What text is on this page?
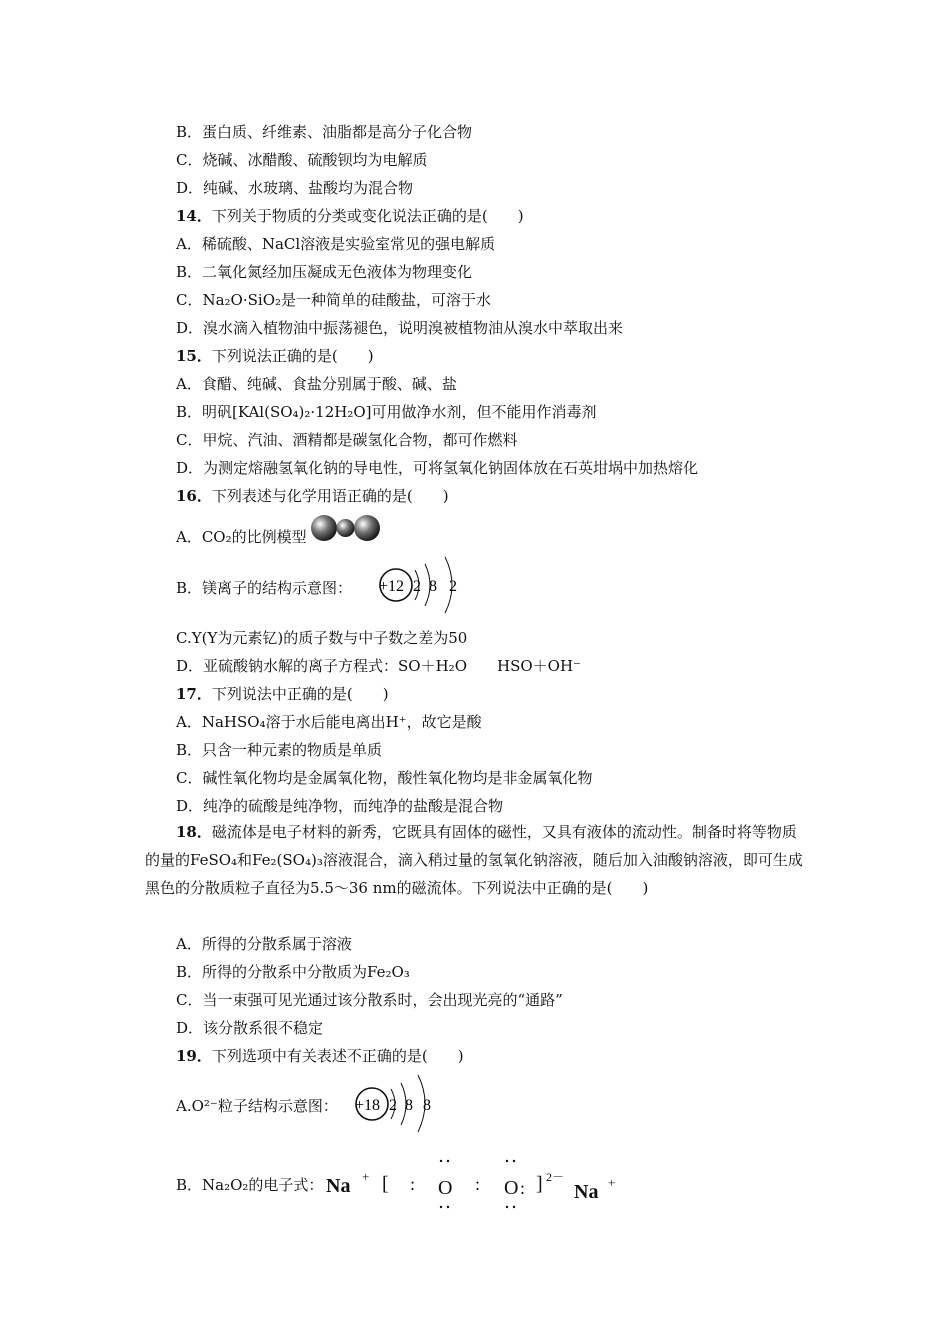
B．蛋白质、纤维素、油脂都是高分子化合物
C．烧碱、冰醋酸、硫酸钡均为电解质
D．纯碱、水玻璃、盐酸均为混合物
14．下列关于物质的分类或变化说法正确的是(　　)
A．稀硫酸、NaCl溶液是实验室常见的强电解质
B．二氧化氮经加压凝成无色液体为物理变化
C．Na₂O·SiO₂是一种简单的硅酸盐，可溶于水
D．溴水滴入植物油中振荡褪色，说明溴被植物油从溴水中萃取出来
15．下列说法正确的是(　　)
A．食醋、纯碱、食盐分别属于酸、碱、盐
B．明矾[KAl(SO₄)₂·12H₂O]可用做净水剂，但不能用作消毒剂
C．甲烷、汽油、酒精都是碳氢化合物，都可作燃料
D．为测定熔融氢氧化钠的导电性，可将氢氧化钠固体放在石英坩埚中加热熔化
16．下列表述与化学用语正确的是(　　)
A．CO₂的比例模型
B．镁离子的结构示意图： +12 2 8 2
C.Y(Y为元素钇)的质子数与中子数之差为50
D．亚硫酸钠水解的离子方程式：SO＋H₂O　　HSO＋OH⁻
17．下列说法中正确的是(　　)
A．NaHSO₄溶于水后能电离出H⁺，故它是酸
B．只含一种元素的物质是单质
C．碱性氧化物均是金属氧化物，酸性氧化物均是非金属氧化物
D．纯净的硫酸是纯净物，而纯净的盐酸是混合物
18．磁流体是电子材料的新秀，它既具有固体的磁性，又具有液体的流动性。制备时将等物质的量的FeSO₄和Fe₂(SO₄)₃溶液混合，滴入稍过量的氢氧化钠溶液，随后加入油酸钠溶液，即可生成黑色的分散质粒子直径为5.5～36 nm的磁流体。下列说法中正确的是(　　)
A．所得的分散系属于溶液
B．所得的分散系中分散质为Fe₂O₃
C．当一束强可见光通过该分散系时，会出现光亮的“通路”
D．该分散系很不稳定
19．下列选项中有关表述不正确的是(　　)
A.O²⁻粒子结构示意图： +18 2 8 8
B．Na₂O₂的电子式： Na + [ : O : O : ] 2－
Na +
